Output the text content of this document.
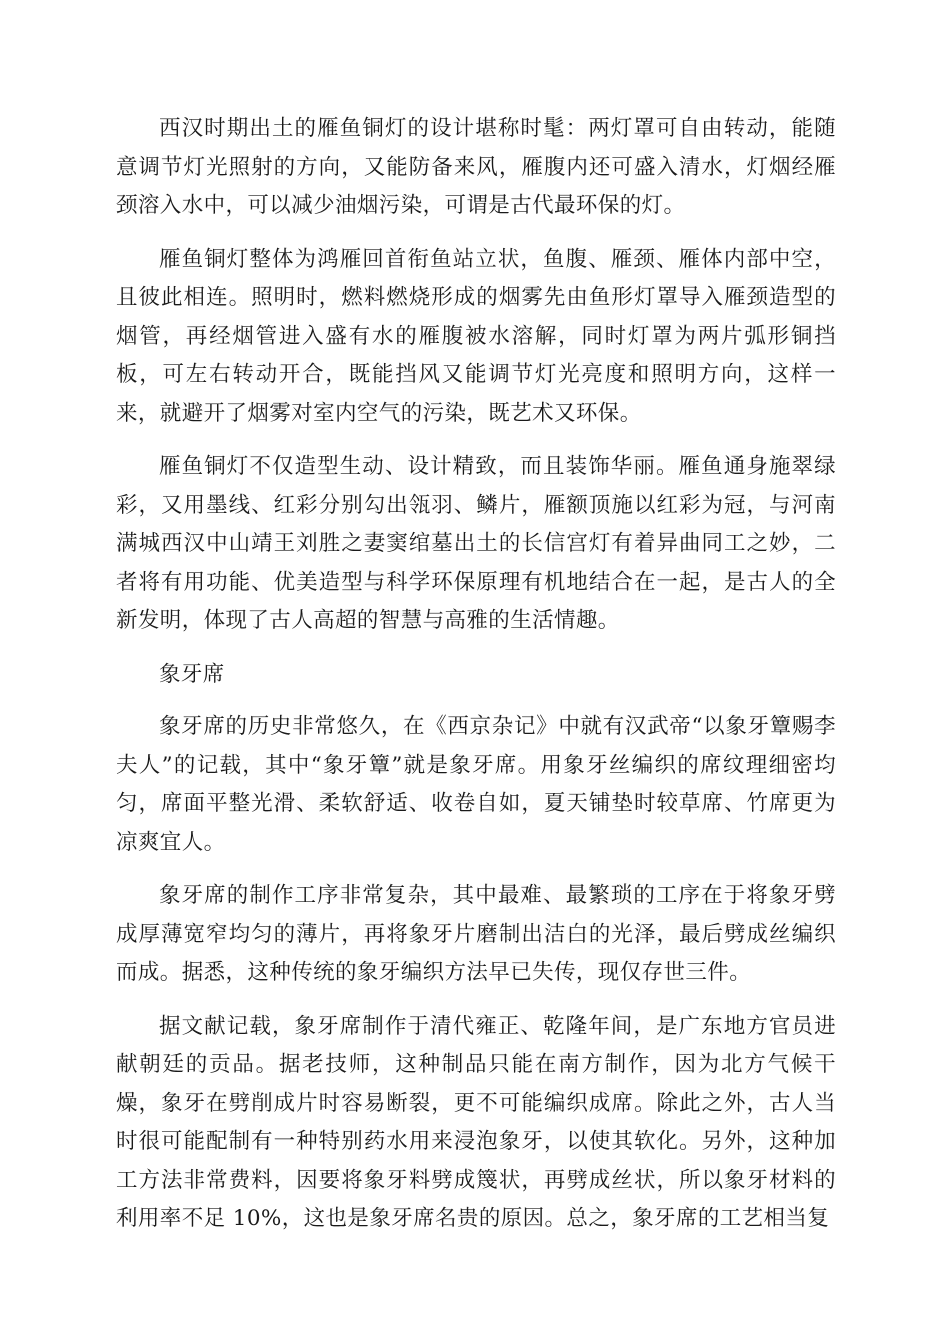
西汉时期出土的雁鱼铜灯的设计堪称时髦：两灯罩可自由转动，能随意调节灯光照射的方向，又能防备来风，雁腹内还可盛入清水，灯烟经雁颈溶入水中，可以减少油烟污染，可谓是古代最环保的灯。

雁鱼铜灯整体为鸿雁回首衔鱼站立状，鱼腹、雁颈、雁体内部中空，且彼此相连。照明时，燃料燃烧形成的烟雾先由鱼形灯罩导入雁颈造型的烟管，再经烟管进入盛有水的雁腹被水溶解，同时灯罩为两片弧形铜挡板，可左右转动开合，既能挡风又能调节灯光亮度和照明方向，这样一来，就避开了烟雾对室内空气的污染，既艺术又环保。

雁鱼铜灯不仅造型生动、设计精致，而且装饰华丽。雁鱼通身施翠绿彩，又用墨线、红彩分别勾出瓴羽、鳞片，雁额顶施以红彩为冠，与河南满城西汉中山靖王刘胜之妻窦绾墓出土的长信宫灯有着异曲同工之妙，二者将有用功能、优美造型与科学环保原理有机地结合在一起，是古人的全新发明，体现了古人高超的智慧与高雅的生活情趣。

象牙席

象牙席的历史非常悠久，在《西京杂记》中就有汉武帝“以象牙簟赐李夫人”的记载，其中“象牙簟”就是象牙席。用象牙丝编织的席纹理细密均匀，席面平整光滑、柔软舒适、收卷自如，夏天铺垫时较草席、竹席更为凉爽宜人。

象牙席的制作工序非常复杂，其中最难、最繁琐的工序在于将象牙劈成厚薄宽窄均匀的薄片，再将象牙片磨制出洁白的光泽，最后劈成丝编织而成。据悉，这种传统的象牙编织方法早已失传，现仅存世三件。

据文献记载，象牙席制作于清代雍正、乾隆年间，是广东地方官员进献朝廷的贡品。据老技师，这种制品只能在南方制作，因为北方气候干燥，象牙在劈削成片时容易断裂，更不可能编织成席。除此之外，古人当时很可能配制有一种特别药水用来浸泡象牙，以使其软化。另外，这种加工方法非常费料，因要将象牙料劈成篾状，再劈成丝状，所以象牙材料的利用率不足 10%，这也是象牙席名贵的原因。总之，象牙席的工艺相当复
